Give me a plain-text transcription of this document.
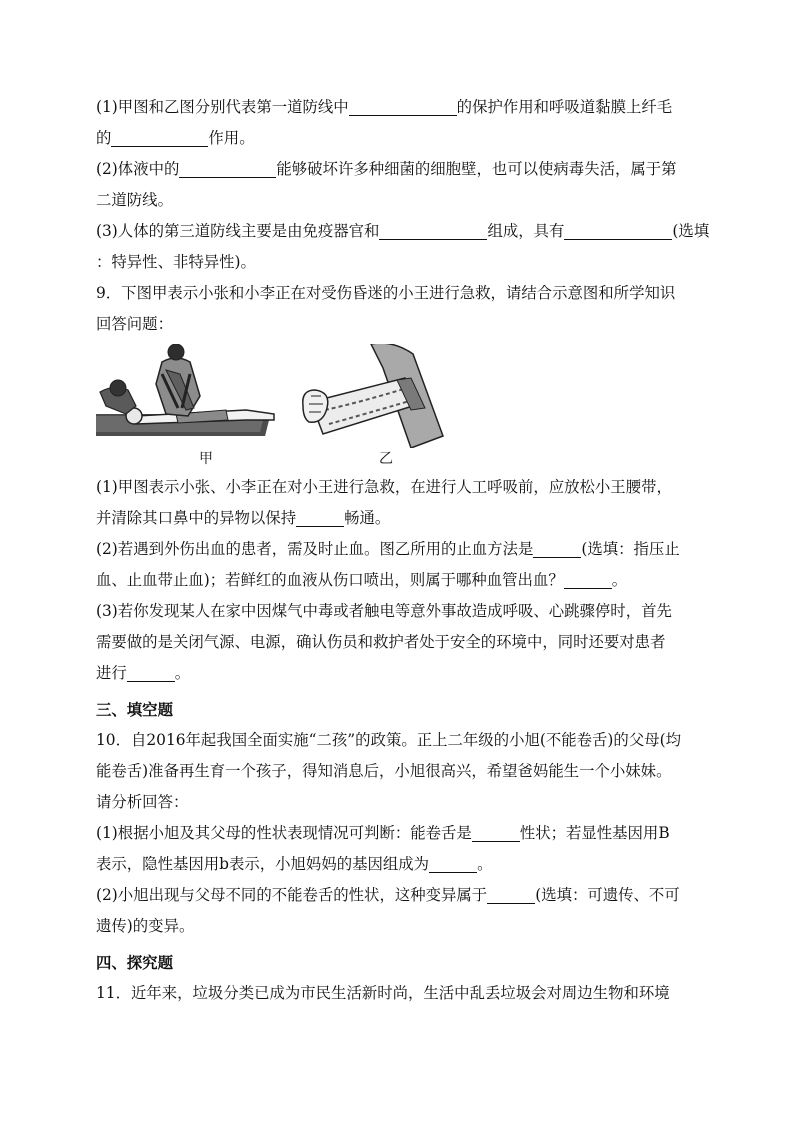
(1)甲图和乙图分别代表第一道防线中	的保护作用和呼吸道黏膜上纤毛
的	作用。
(2)体液中的	能够破坏许多种细菌的细胞壁，也可以使病毒失活，属于第
二道防线。
(3)人体的第三道防线主要是由免疫器官和	组成，具有	(选填
：特异性、非特异性)。
9．下图甲表示小张和小李正在对受伤昏迷的小王进行急救，请结合示意图和所学知识
回答问题：
甲	乙
(1)甲图表示小张、小李正在对小王进行急救，在进行人工呼吸前，应放松小王腰带，
并清除其口鼻中的异物以保持	畅通。
(2)若遇到外伤出血的患者，需及时止血。图乙所用的止血方法是	(选填：指压止
血、止血带止血)；若鲜红的血液从伤口喷出，则属于哪种血管出血？	。
(3)若你发现某人在家中因煤气中毒或者触电等意外事故造成呼吸、心跳骤停时，首先
需要做的是关闭气源、电源，确认伤员和救护者处于安全的环境中，同时还要对患者
进行	。
三、填空题
10．自2016年起我国全面实施“二孩”的政策。正上二年级的小旭(不能卷舌)的父母(均
能卷舌)准备再生育一个孩子，得知消息后，小旭很高兴，希望爸妈能生一个小妹妹。
请分析回答：
(1)根据小旭及其父母的性状表现情况可判断：能卷舌是	性状；若显性基因用B
表示，隐性基因用b表示，小旭妈妈的基因组成为	。
(2)小旭出现与父母不同的不能卷舌的性状，这种变异属于	(选填：可遗传、不可
遗传)的变异。
四、探究题
11．近年来，垃圾分类已成为市民生活新时尚，生活中乱丢垃圾会对周边生物和环境
